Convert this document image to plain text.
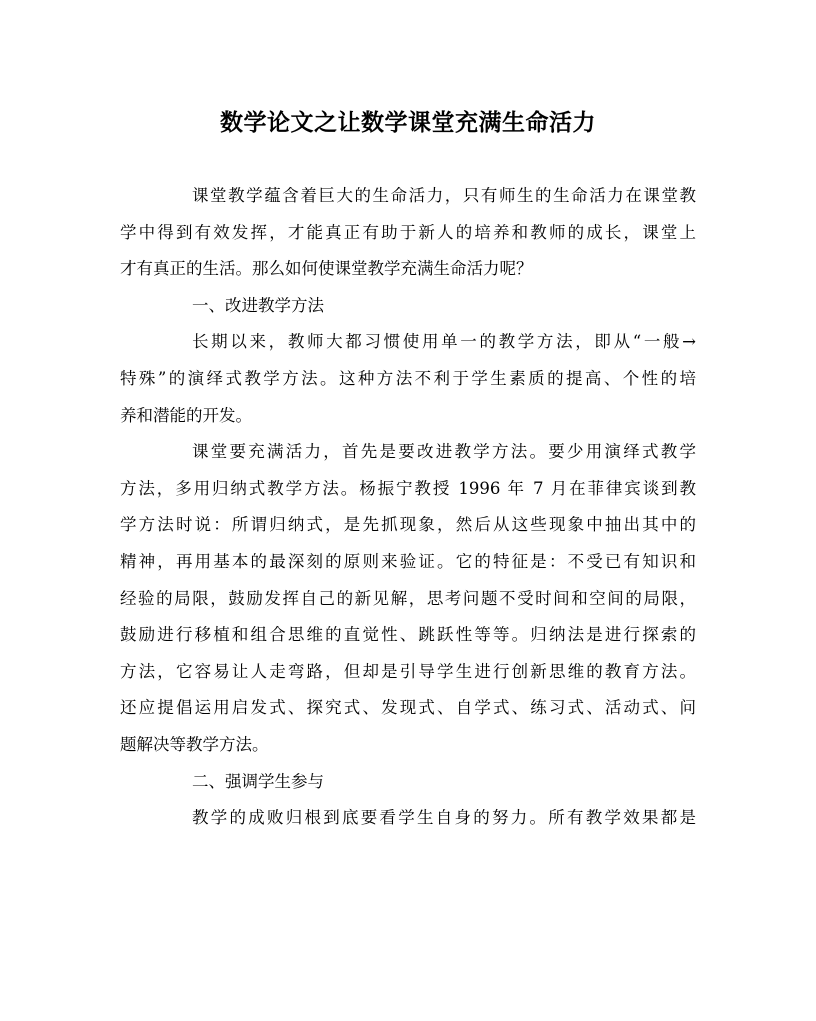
数学论文之让数学课堂充满生命活力
课堂教学蕴含着巨大的生命活力，只有师生的生命活力在课堂教
学中得到有效发挥，才能真正有助于新人的培养和教师的成长，课堂上
才有真正的生活。那么如何使课堂教学充满生命活力呢？
一、改进教学方法
长期以来，教师大都习惯使用单一的教学方法，即从“一般→
特殊”的演绎式教学方法。这种方法不利于学生素质的提高、个性的培
养和潜能的开发。
课堂要充满活力，首先是要改进教学方法。要少用演绎式教学
方法，多用归纳式教学方法。杨振宁教授 1996 年 7 月在菲律宾谈到教
学方法时说：所谓归纳式，是先抓现象，然后从这些现象中抽出其中的
精神，再用基本的最深刻的原则来验证。它的特征是：不受已有知识和
经验的局限，鼓励发挥自己的新见解，思考问题不受时间和空间的局限，
鼓励进行移植和组合思维的直觉性、跳跃性等等。归纳法是进行探索的
方法，它容易让人走弯路，但却是引导学生进行创新思维的教育方法。
还应提倡运用启发式、探究式、发现式、自学式、练习式、活动式、问
题解决等教学方法。
二、强调学生参与
教学的成败归根到底要看学生自身的努力。所有教学效果都是
